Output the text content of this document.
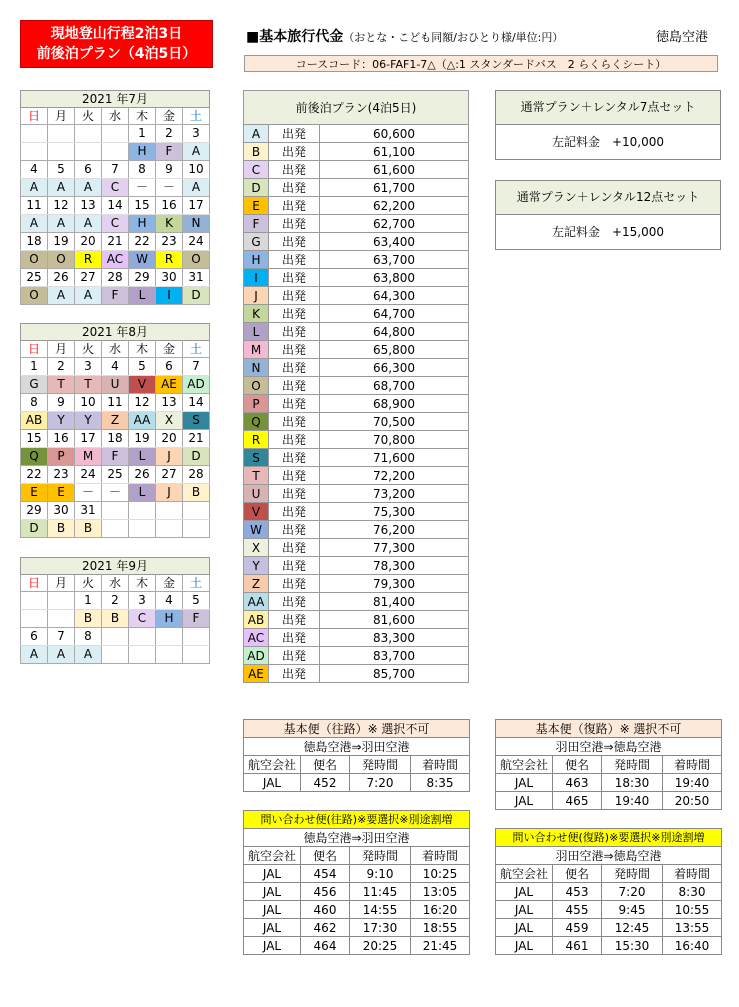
現地登山行程2泊3日
前後泊プラン（4泊5日）
■基本旅行代金（おとな・こども同額/おひとり様/単位:円）	徳島空港
コースコード：06-FAF1-7△（△:1 スタンダードバス　2 らくらくシート）
2021 年7月						
日	月	火	水	木	金	土
				1	2	3
				H	F	A
4	5	6	7	8	9	10
A	A	A	C	－	－	A
11	12	13	14	15	16	17
A	A	A	C	H	K	N
18	19	20	21	22	23	24
O	O	R	AC	W	R	O
25	26	27	28	29	30	31
O	A	A	F	L	I	D
2021 年8月						
日	月	火	水	木	金	土
1	2	3	4	5	6	7
G	T	T	U	V	AE	AD
8	9	10	11	12	13	14
AB	Y	Y	Z	AA	X	S
15	16	17	18	19	20	21
Q	P	M	F	L	J	D
22	23	24	25	26	27	28
E	E	－	－	L	J	B
29	30	31				
D	B	B				
2021 年9月						
日	月	火	水	木	金	土
		1	2	3	4	5
		B	B	C	H	F
6	7	8				
A	A	A				
前後泊プラン(4泊5日)		
A	出発	60,600
B	出発	61,100
C	出発	61,600
D	出発	61,700
E	出発	62,200
F	出発	62,700
G	出発	63,400
H	出発	63,700
I	出発	63,800
J	出発	64,300
K	出発	64,700
L	出発	64,800
M	出発	65,800
N	出発	66,300
O	出発	68,700
P	出発	68,900
Q	出発	70,500
R	出発	70,800
S	出発	71,600
T	出発	72,200
U	出発	73,200
V	出発	75,300
W	出発	76,200
X	出発	77,300
Y	出発	78,300
Z	出発	79,300
AA	出発	81,400
AB	出発	81,600
AC	出発	83,300
AD	出発	83,700
AE	出発	85,700
通常プラン＋レンタル7点セット
左記料金　+10,000
通常プラン＋レンタル12点セット
左記料金　+15,000
基本便（往路）※ 選択不可			
徳島空港⇒羽田空港			
航空会社	便名	発時間	着時間
JAL	452	7:20	8:35
基本便（復路）※ 選択不可			
羽田空港⇒徳島空港			
航空会社	便名	発時間	着時間
JAL	463	18:30	19:40
JAL	465	19:40	20:50
問い合わせ便(往路)※要選択※別途割増			
徳島空港⇒羽田空港			
航空会社	便名	発時間	着時間
JAL	454	9:10	10:25
JAL	456	11:45	13:05
JAL	460	14:55	16:20
JAL	462	17:30	18:55
JAL	464	20:25	21:45
問い合わせ便(復路)※要選択※別途割増			
羽田空港⇒徳島空港			
航空会社	便名	発時間	着時間
JAL	453	7:20	8:30
JAL	455	9:45	10:55
JAL	459	12:45	13:55
JAL	461	15:30	16:40
